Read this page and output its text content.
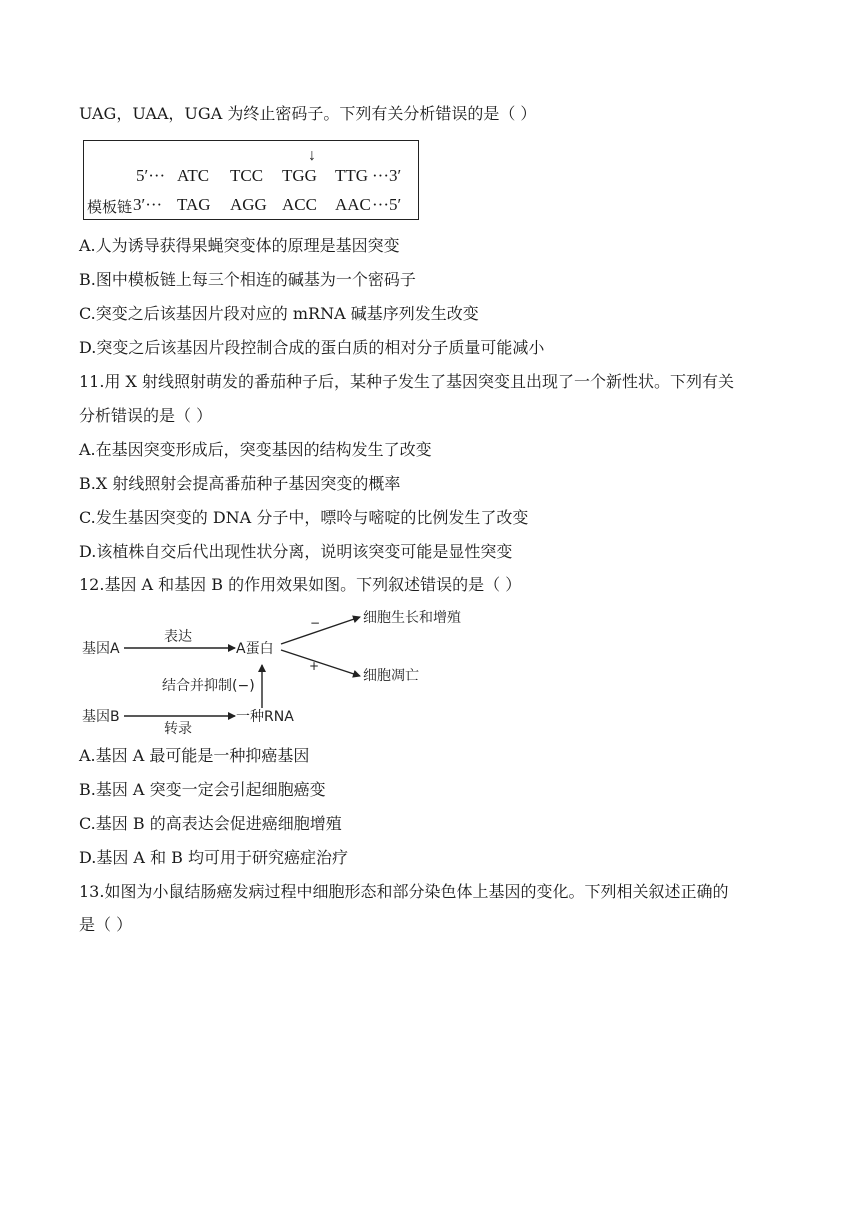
UAG，UAA，UGA 为终止密码子。下列有关分析错误的是（ ）
↓
5′··· ATC TCC TGG TTG ···3′
模板链 3′··· TAG AGG ACC AAC ···5′
A.人为诱导获得果蝇突变体的原理是基因突变
B.图中模板链上每三个相连的碱基为一个密码子
C.突变之后该基因片段对应的 mRNA 碱基序列发生改变
D.突变之后该基因片段控制合成的蛋白质的相对分子质量可能减小
11.用 X 射线照射萌发的番茄种子后，某种子发生了基因突变且出现了一个新性状。下列有关
分析错误的是（ ）
A.在基因突变形成后，突变基因的结构发生了改变
B.X 射线照射会提高番茄种子基因突变的概率
C.发生基因突变的 DNA 分子中，嘌呤与嘧啶的比例发生了改变
D.该植株自交后代出现性状分离，说明该突变可能是显性突变
12.基因 A 和基因 B 的作用效果如图。下列叙述错误的是（ ）
基因A
表达
A蛋白
−
+
细胞生长和增殖
细胞凋亡
结合并抑制(−)
基因B
转录
一种RNA
A.基因 A 最可能是一种抑癌基因
B.基因 A 突变一定会引起细胞癌变
C.基因 B 的高表达会促进癌细胞增殖
D.基因 A 和 B 均可用于研究癌症治疗
13.如图为小鼠结肠癌发病过程中细胞形态和部分染色体上基因的变化。下列相关叙述正确的
是（ ）
